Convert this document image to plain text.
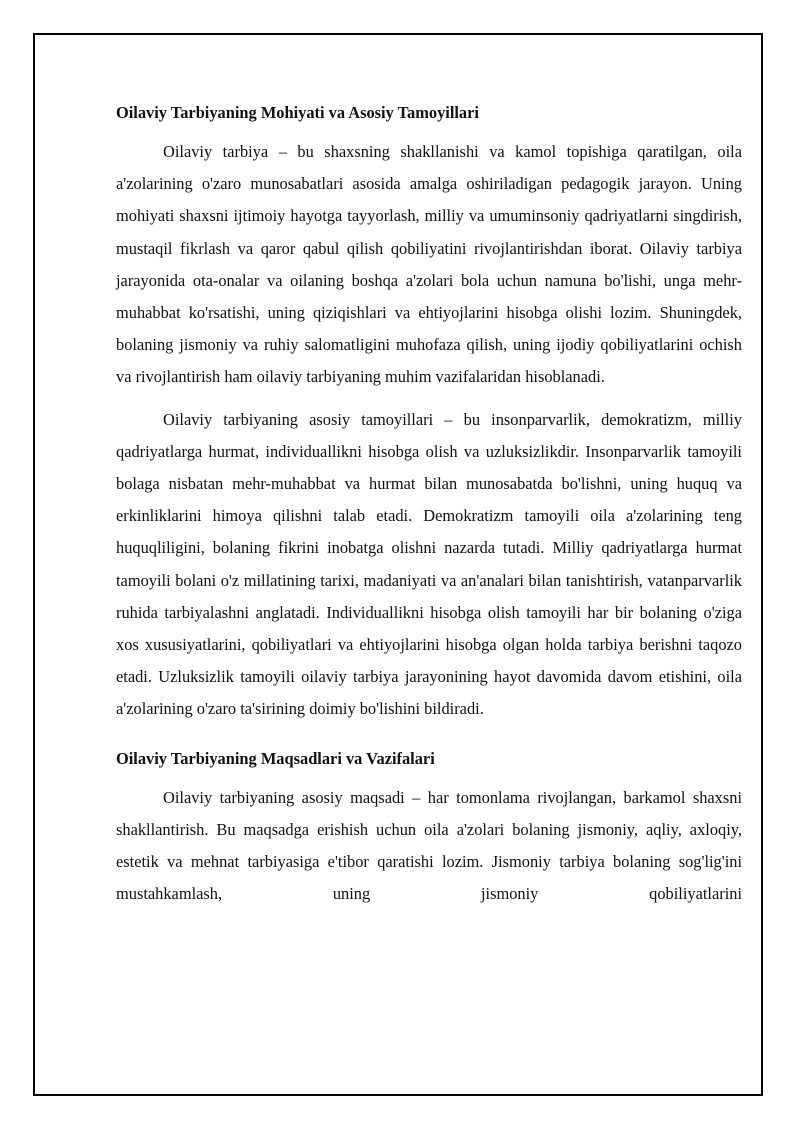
Oilaviy Tarbiyaning Mohiyati va Asosiy Tamoyillari

Oilaviy tarbiya – bu shaxsning shakllanishi va kamol topishiga qaratilgan, oila a'zolarining o'zaro munosabatlari asosida amalga oshiriladigan pedagogik jarayon. Uning mohiyati shaxsni ijtimoiy hayotga tayyorlash, milliy va umuminsoniy qadriyatlarni singdirish, mustaqil fikrlash va qaror qabul qilish qobiliyatini rivojlantirishdan iborat. Oilaviy tarbiya jarayonida ota-onalar va oilaning boshqa a'zolari bola uchun namuna bo'lishi, unga mehr-muhabbat ko'rsatishi, uning qiziqishlari va ehtiyojlarini hisobga olishi lozim. Shuningdek, bolaning jismoniy va ruhiy salomatligini muhofaza qilish, uning ijodiy qobiliyatlarini ochish va rivojlantirish ham oilaviy tarbiyaning muhim vazifalaridan hisoblanadi.

Oilaviy tarbiyaning asosiy tamoyillari – bu insonparvarlik, demokratizm, milliy qadriyatlarga hurmat, individuallikni hisobga olish va uzluksizlikdir. Insonparvarlik tamoyili bolaga nisbatan mehr-muhabbat va hurmat bilan munosabatda bo'lishni, uning huquq va erkinliklarini himoya qilishni talab etadi. Demokratizm tamoyili oila a'zolarining teng huquqliligini, bolaning fikrini inobatga olishni nazarda tutadi. Milliy qadriyatlarga hurmat tamoyili bolani o'z millatining tarixi, madaniyati va an'analari bilan tanishtirish, vatanparvarlik ruhida tarbiyalashni anglatadi. Individuallikni hisobga olish tamoyili har bir bolaning o'ziga xos xususiyatlarini, qobiliyatlari va ehtiyojlarini hisobga olgan holda tarbiya berishni taqozo etadi. Uzluksizlik tamoyili oilaviy tarbiya jarayonining hayot davomida davom etishini, oila a'zolarining o'zaro ta'sirining doimiy bo'lishini bildiradi.

Oilaviy Tarbiyaning Maqsadlari va Vazifalari

Oilaviy tarbiyaning asosiy maqsadi – har tomonlama rivojlangan, barkamol shaxsni shakllantirish. Bu maqsadga erishish uchun oila a'zolari bolaning jismoniy, aqliy, axloqiy, estetik va mehnat tarbiyasiga e'tibor qaratishi lozim. Jismoniy tarbiya bolaning sog'lig'ini mustahkamlash, uning jismoniy qobiliyatlarini
